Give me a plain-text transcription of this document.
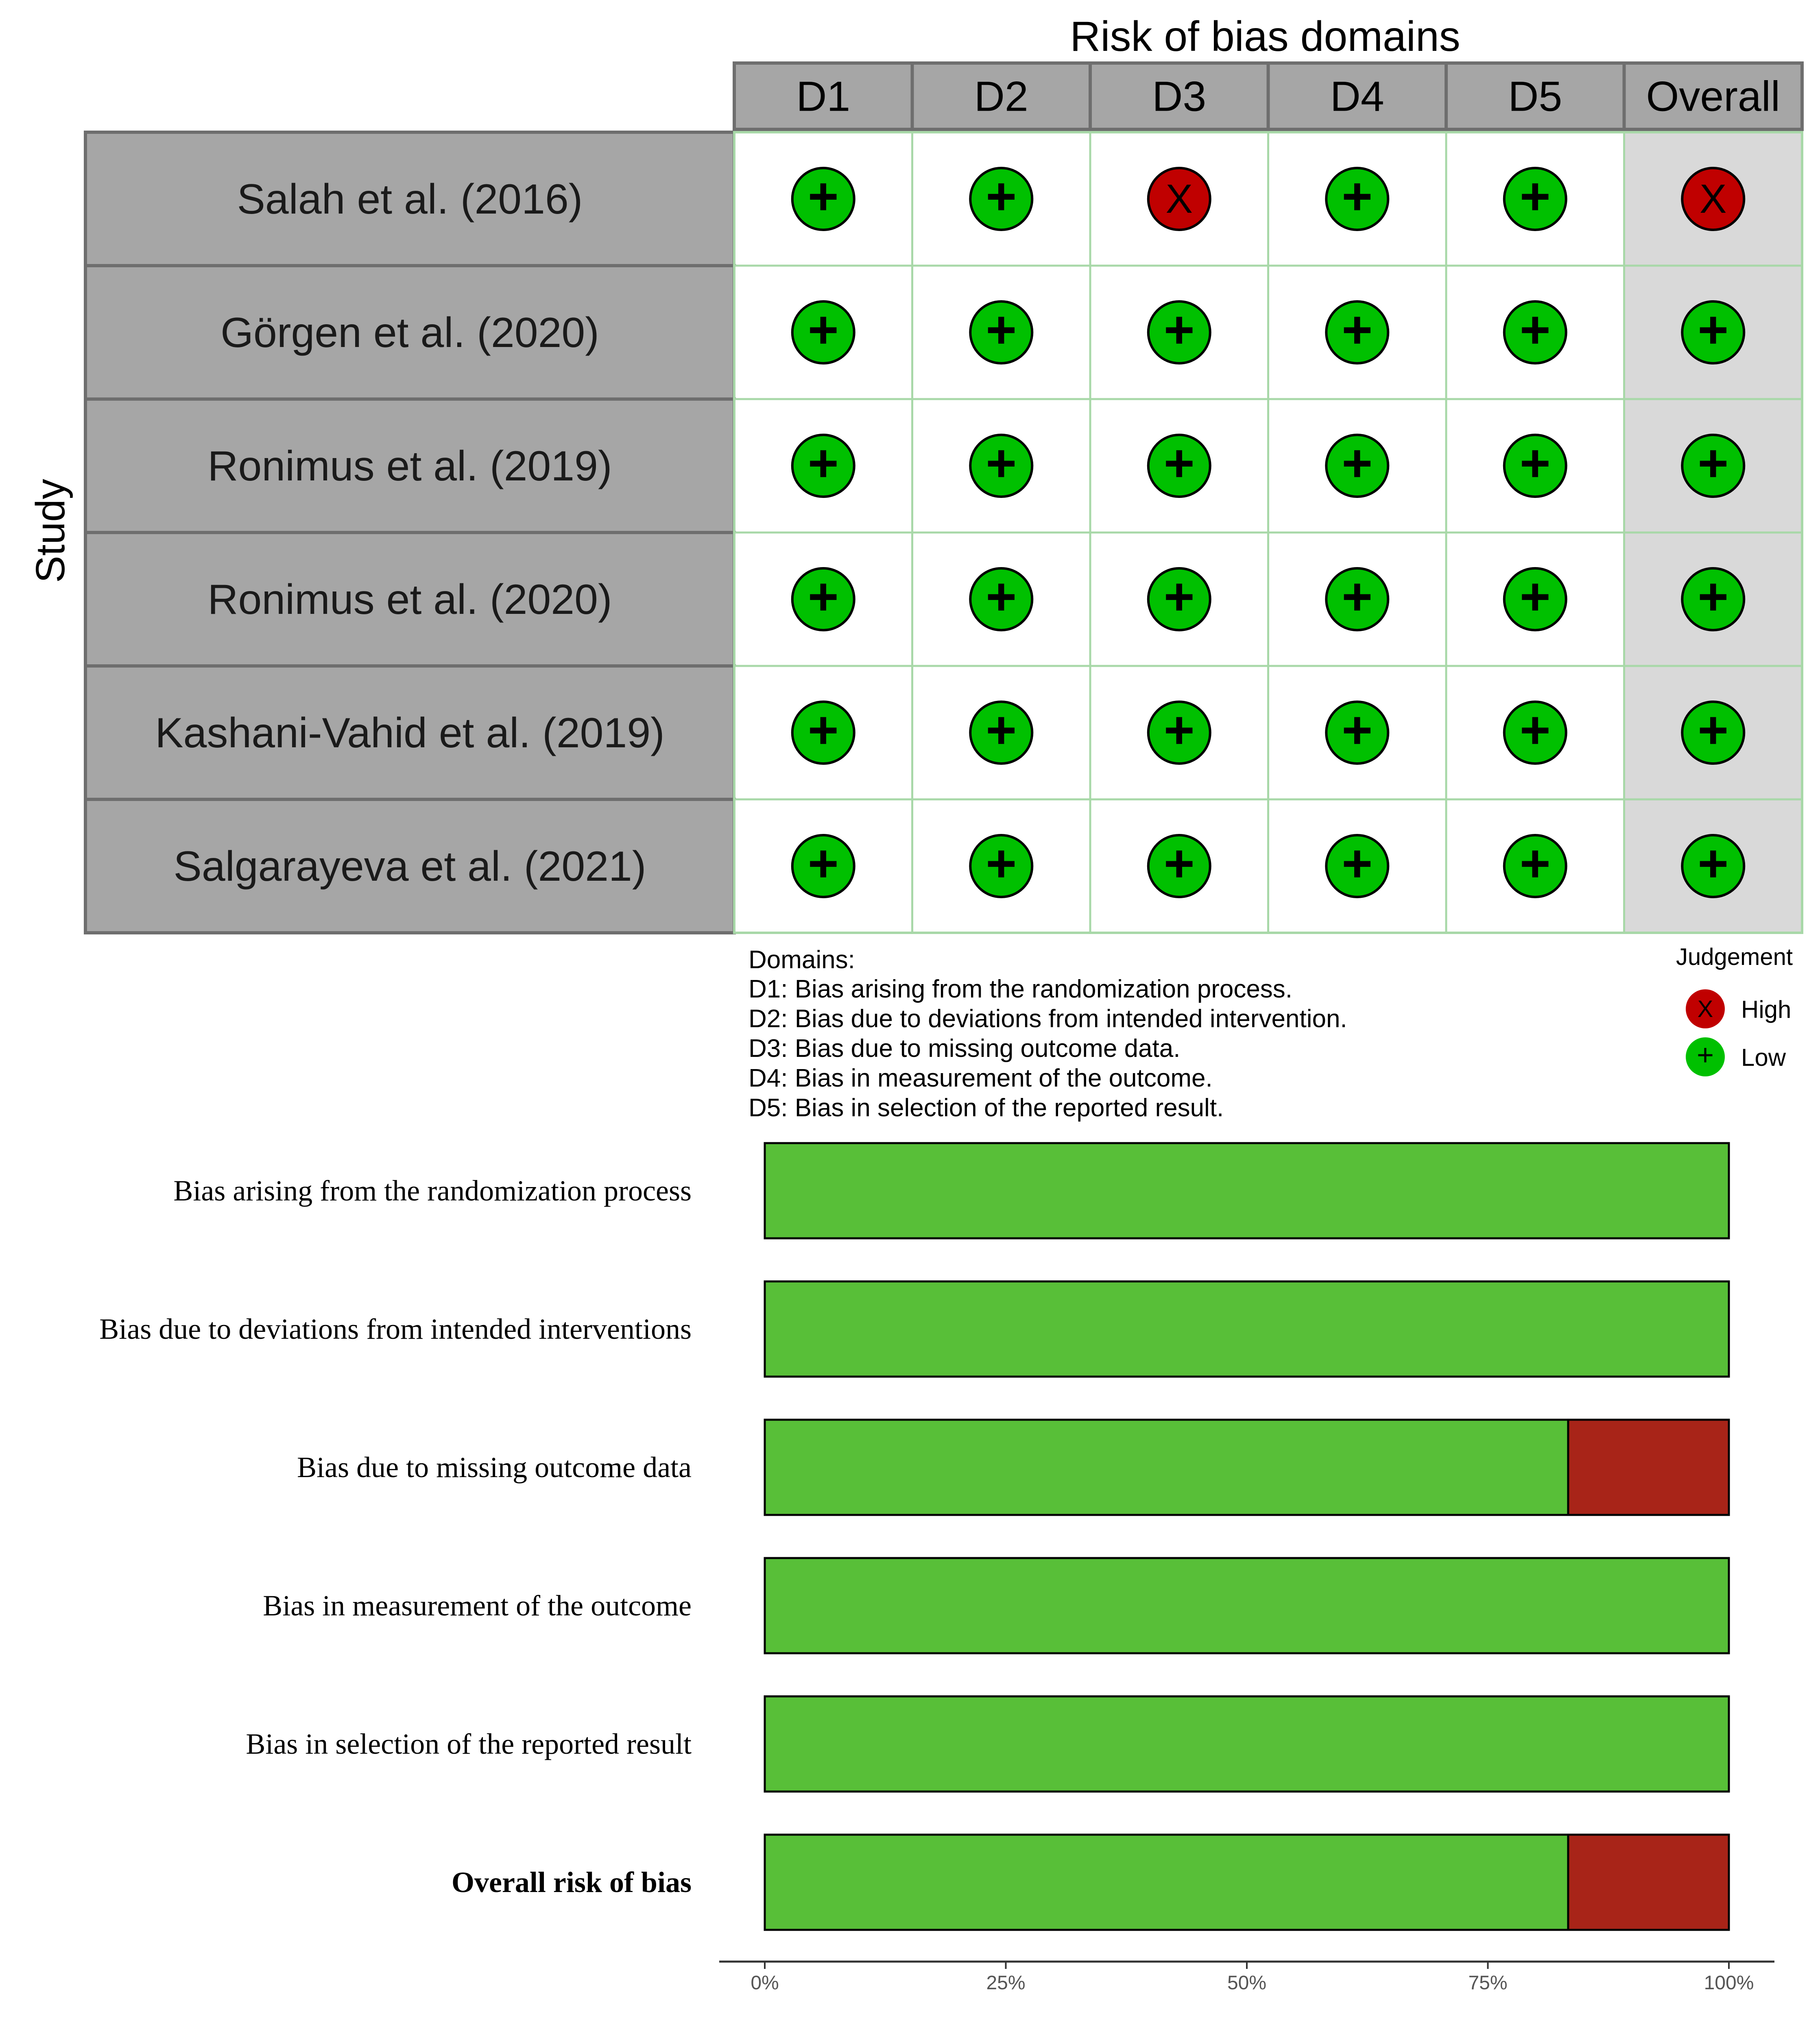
Risk of bias domains
Study
D1	D2	D3	D4	D5 Overall
Salah et al. (2016)	+	+	X	+	+	X
Görgen et al. (2020)	+	+	+	+	+	+
Ronimus et al. (2019)	+	+	+	+	+	+
Ronimus et al. (2020)	+	+	+	+	+	+
Kashani-Vahid et al. (2019)	+	+	+	+	+	+
Salgarayeva et al. (2021)	+	+	+	+	+	+
Domains:
D1: Bias arising from the randomization process.
D2: Bias due to deviations from intended intervention.
D3: Bias due to missing outcome data.
D4: Bias in measurement of the outcome.
D5: Bias in selection of the reported result.
Judgement
X High
+ Low
Bias arising from the randomization process
Bias due to deviations from intended interventions
Bias due to missing outcome data
Bias in measurement of the outcome
Bias in selection of the reported result
Overall risk of bias
0%	25%	50%	75%	100%
